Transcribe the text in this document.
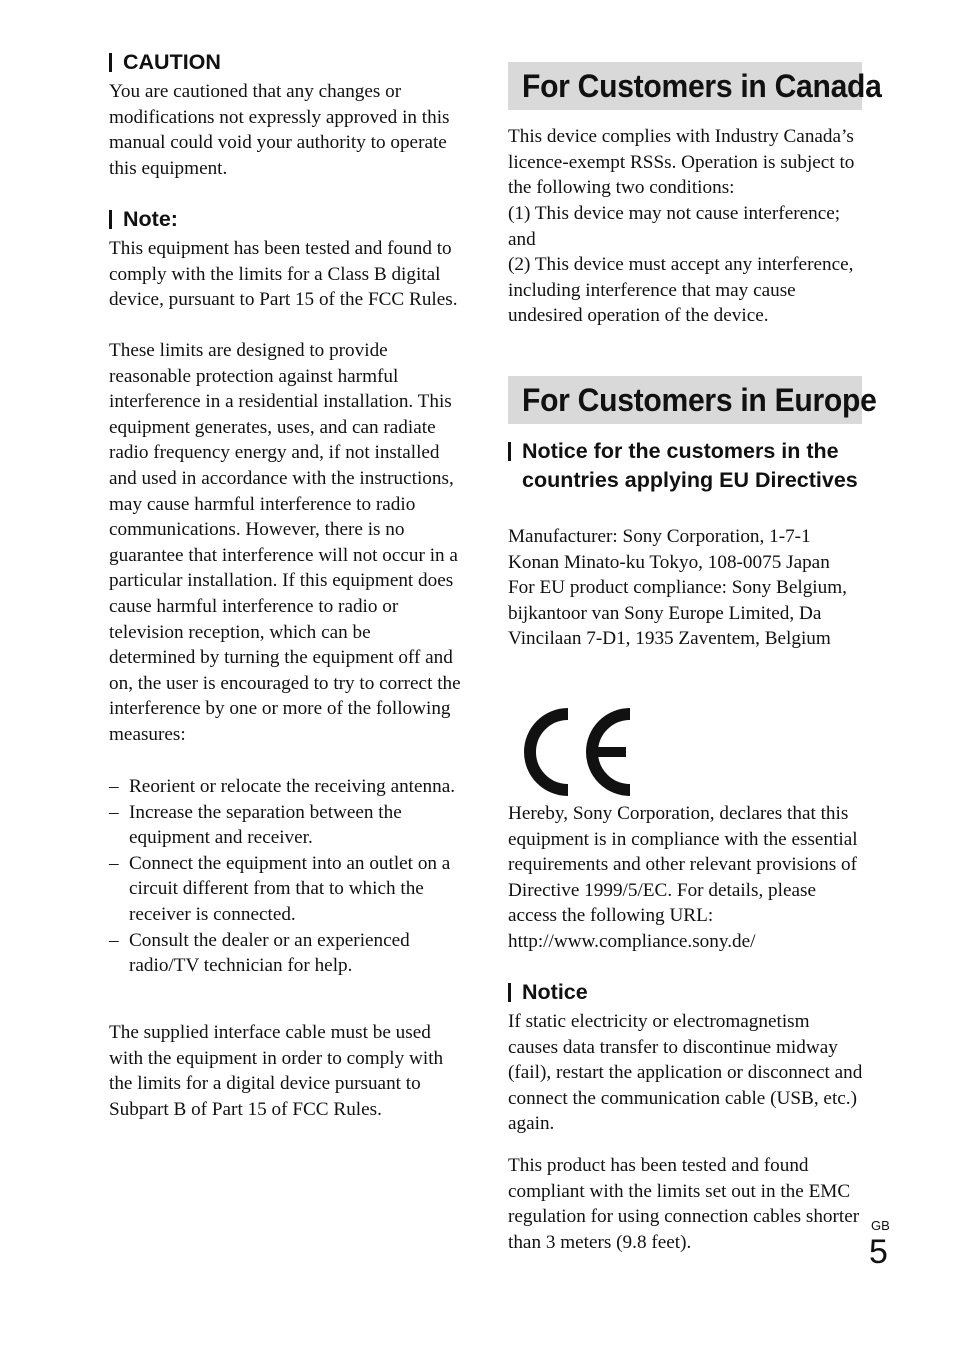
CAUTION

You are cautioned that any changes or modifications not expressly approved in this manual could void your authority to operate this equipment.

Note:

This equipment has been tested and found to comply with the limits for a Class B digital device, pursuant to Part 15 of the FCC Rules.

These limits are designed to provide reasonable protection against harmful interference in a residential installation. This equipment generates, uses, and can radiate radio frequency energy and, if not installed and used in accordance with the instructions, may cause harmful interference to radio communications. However, there is no guarantee that interference will not occur in a particular installation. If this equipment does cause harmful interference to radio or television reception, which can be determined by turning the equipment off and on, the user is encouraged to try to correct the interference by one or more of the following measures:

– Reorient or relocate the receiving antenna.
– Increase the separation between the equipment and receiver.
– Connect the equipment into an outlet on a circuit different from that to which the receiver is connected.
– Consult the dealer or an experienced radio/TV technician for help.

The supplied interface cable must be used with the equipment in order to comply with the limits for a digital device pursuant to Subpart B of Part 15 of FCC Rules.

For Customers in Canada

This device complies with Industry Canada’s licence-exempt RSSs. Operation is subject to the following two conditions:

(1) This device may not cause interference; and

(2) This device must accept any interference, including interference that may cause undesired operation of the device.

For Customers in Europe
Notice for the customers in the countries applying EU Directives

Manufacturer: Sony Corporation, 1-7-1 Konan Minato-ku Tokyo, 108-0075 Japan

For EU product compliance: Sony Belgium, bijkantoor van Sony Europe Limited, Da Vincilaan 7-D1, 1935 Zaventem, Belgium

Hereby, Sony Corporation, declares that this equipment is in compliance with the essential requirements and other relevant provisions of Directive 1999/5/EC. For details, please access the following URL:

http://www.compliance.sony.de/

Notice

If static electricity or electromagnetism causes data transfer to discontinue midway (fail), restart the application or disconnect and connect the communication cable (USB, etc.) again.

This product has been tested and found compliant with the limits set out in the EMC regulation for using connection cables shorter than 3 meters (9.8 feet).

GB
5
